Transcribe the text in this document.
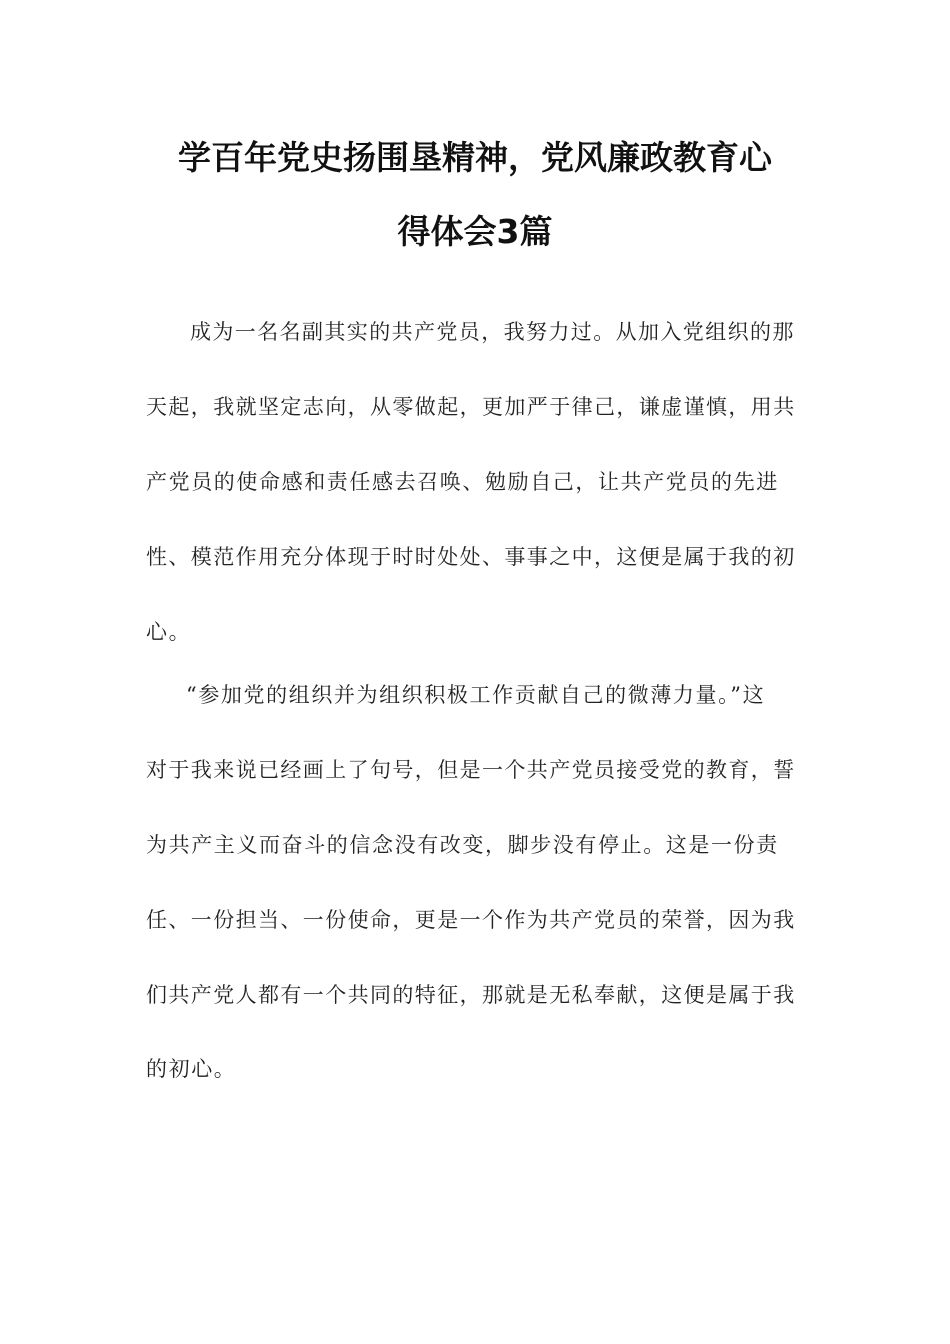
学百年党史扬围垦精神，党风廉政教育心
得体会3篇
成为一名名副其实的共产党员，我努力过。从加入党组织的那
天起，我就坚定志向，从零做起，更加严于律己，谦虚谨慎，用共
产党员的使命感和责任感去召唤、勉励自己，让共产党员的先进
性、模范作用充分体现于时时处处、事事之中，这便是属于我的初
心。
“参加党的组织并为组织积极工作贡献自己的微薄力量。”这
对于我来说已经画上了句号，但是一个共产党员接受党的教育，誓
为共产主义而奋斗的信念没有改变，脚步没有停止。这是一份责
任、一份担当、一份使命，更是一个作为共产党员的荣誉，因为我
们共产党人都有一个共同的特征，那就是无私奉献，这便是属于我
的初心。
